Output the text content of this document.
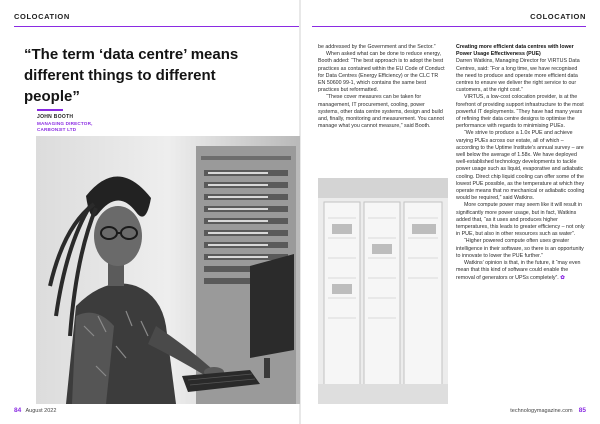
COLOCATION	COLOCATION
“The term ‘data centre’ means different things to different people”
JOHN BOOTH
MANAGING DIRECTOR,
CARBON3IT LTD

be addressed by the Government and the Sector.”

When asked what can be done to reduce energy, Booth added: “The best approach is to adopt the best practices as contained within the EU Code of Conduct for Data Centres (Energy Efficiency) or the CLC TR EN 50600 99-1, which contains the same best practices but reformatted.

“These cover measures can be taken for management, IT procurement, cooling, power systems, other data centre systems, design and build and, finally, monitoring and measurement. You cannot manage what you cannot measure,” said Booth.

Creating more efficient data centres with lower Power Usage Effectiveness (PUE)

Darren Watkins, Managing Director for VIRTUS Data Centres, said: “For a long time, we have recognised the need to produce and operate more efficient data centres to ensure we deliver the right service to our customers, at the right cost.”

VIRTUS, a low-cost colocation provider, is at the forefront of providing support infrastructure to the most powerful IT deployments. “They have had many years of refining their data centre designs to optimise the performance with regards to minimising PUEs.

“We strive to produce a 1.0x PUE and achieve varying PUEs across our estate, all of which – according to the Uptime Institute’s annual survey – are well below the average of 1.58x. We have deployed well-established technology developments to tackle power usage such as liquid, evaporative and adiabatic cooling. Direct chip liquid cooling can offer some of the lowest PUE possible, as the temperature at which they operate means that no mechanical or adiabatic cooling would be required,” said Watkins.

More compute power may seem like it will result in significantly more power usage, but in fact, Watkins added that, “as it uses and produces higher temperatures, this leads to greater efficiency – not only in PUE, but also in other resources such as water”.

“Higher powered compute often uses greater intelligence in their software, so there is an opportunity to innovate to lower the PUE further.”

Watkins’ opinion is that, in the future, it “may even mean that this kind of software could enable the removal of generators or UPSs completely”. ✿

84 August 2022	technologymagazine.com 85
